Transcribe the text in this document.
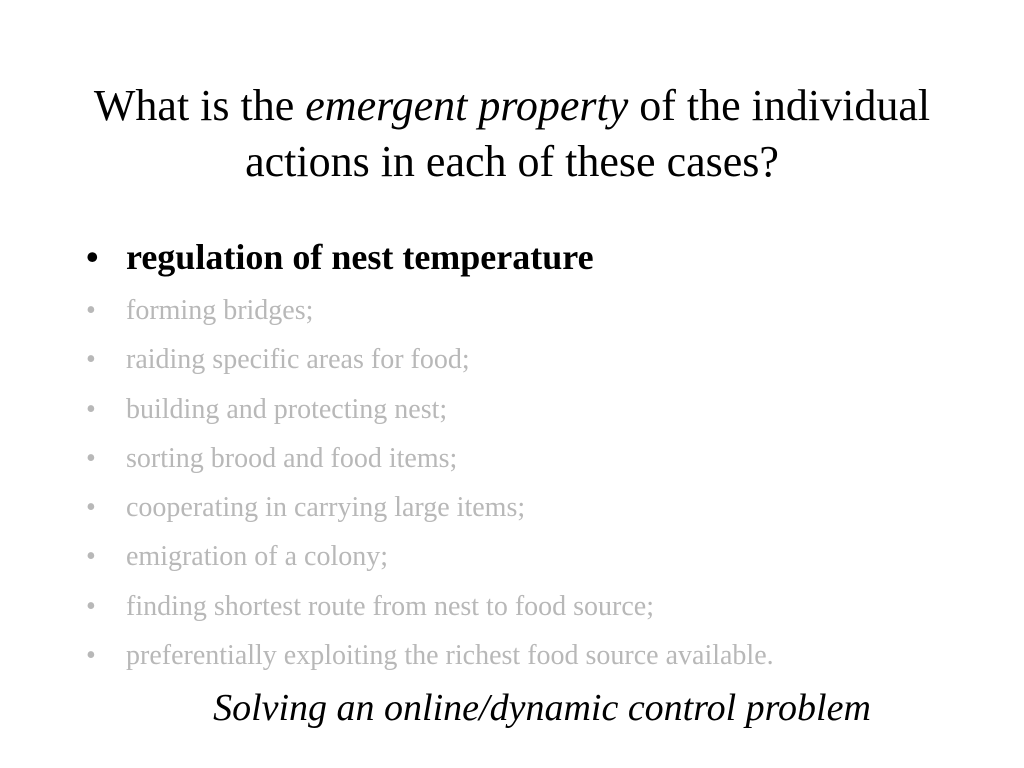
What is the emergent property of the individual
actions in each of these cases?
• regulation of nest temperature
• forming bridges;
• raiding specific areas for food;
• building and protecting nest;
• sorting brood and food items;
• cooperating in carrying large items;
• emigration of a colony;
• finding shortest route from nest to food source;
• preferentially exploiting the richest food source available.
Solving an online/dynamic control problem
